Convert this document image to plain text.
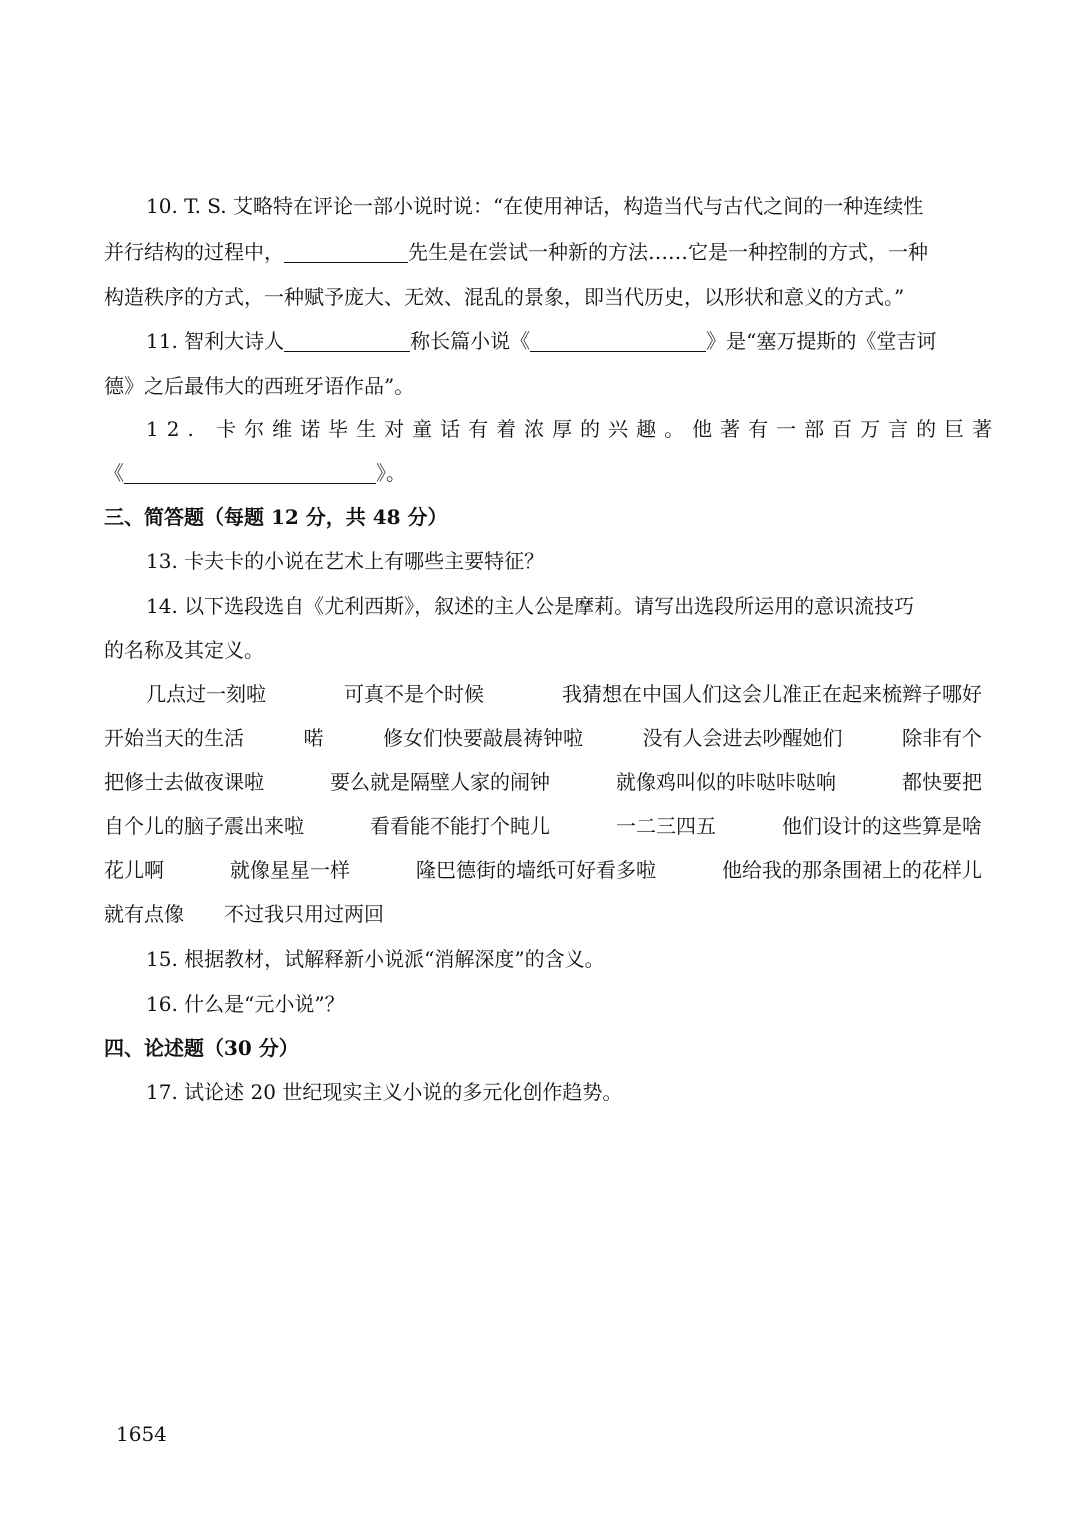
10. T. S. 艾略特在评论一部小说时说：“在使用神话，构造当代与古代之间的一种连续性
并行结构的过程中，	先生是在尝试一种新的方法……它是一种控制的方式，一种
构造秩序的方式，一种赋予庞大、无效、混乱的景象，即当代历史，以形状和意义的方式。”
11. 智利大诗人	称长篇小说《	》是“塞万提斯的《堂吉诃
德》之后最伟大的西班牙语作品”。
12. 卡尔维诺毕生对童话有着浓厚的兴趣。他著有一部百万言的巨著
《	》。
三、简答题（每题 12 分，共 48 分）
13. 卡夫卡的小说在艺术上有哪些主要特征？
14. 以下选段选自《尤利西斯》，叙述的主人公是摩莉。请写出选段所运用的意识流技巧
的名称及其定义。
几点过一刻啦	可真不是个时候	我猜想在中国人们这会儿准正在起来梳辫子哪好
开始当天的生活	喏	修女们快要敲晨祷钟啦	没有人会进去吵醒她们	除非有个
把修士去做夜课啦	要么就是隔壁人家的闹钟	就像鸡叫似的咔哒咔哒响	都快要把
自个儿的脑子震出来啦	看看能不能打个盹儿	一二三四五	他们设计的这些算是啥
花儿啊	就像星星一样	隆巴德街的墙纸可好看多啦	他给我的那条围裙上的花样儿
就有点像 不过我只用过两回
15. 根据教材，试解释新小说派“消解深度”的含义。
16. 什么是“元小说”？
四、论述题（30 分）
17. 试论述 20 世纪现实主义小说的多元化创作趋势。
1654
